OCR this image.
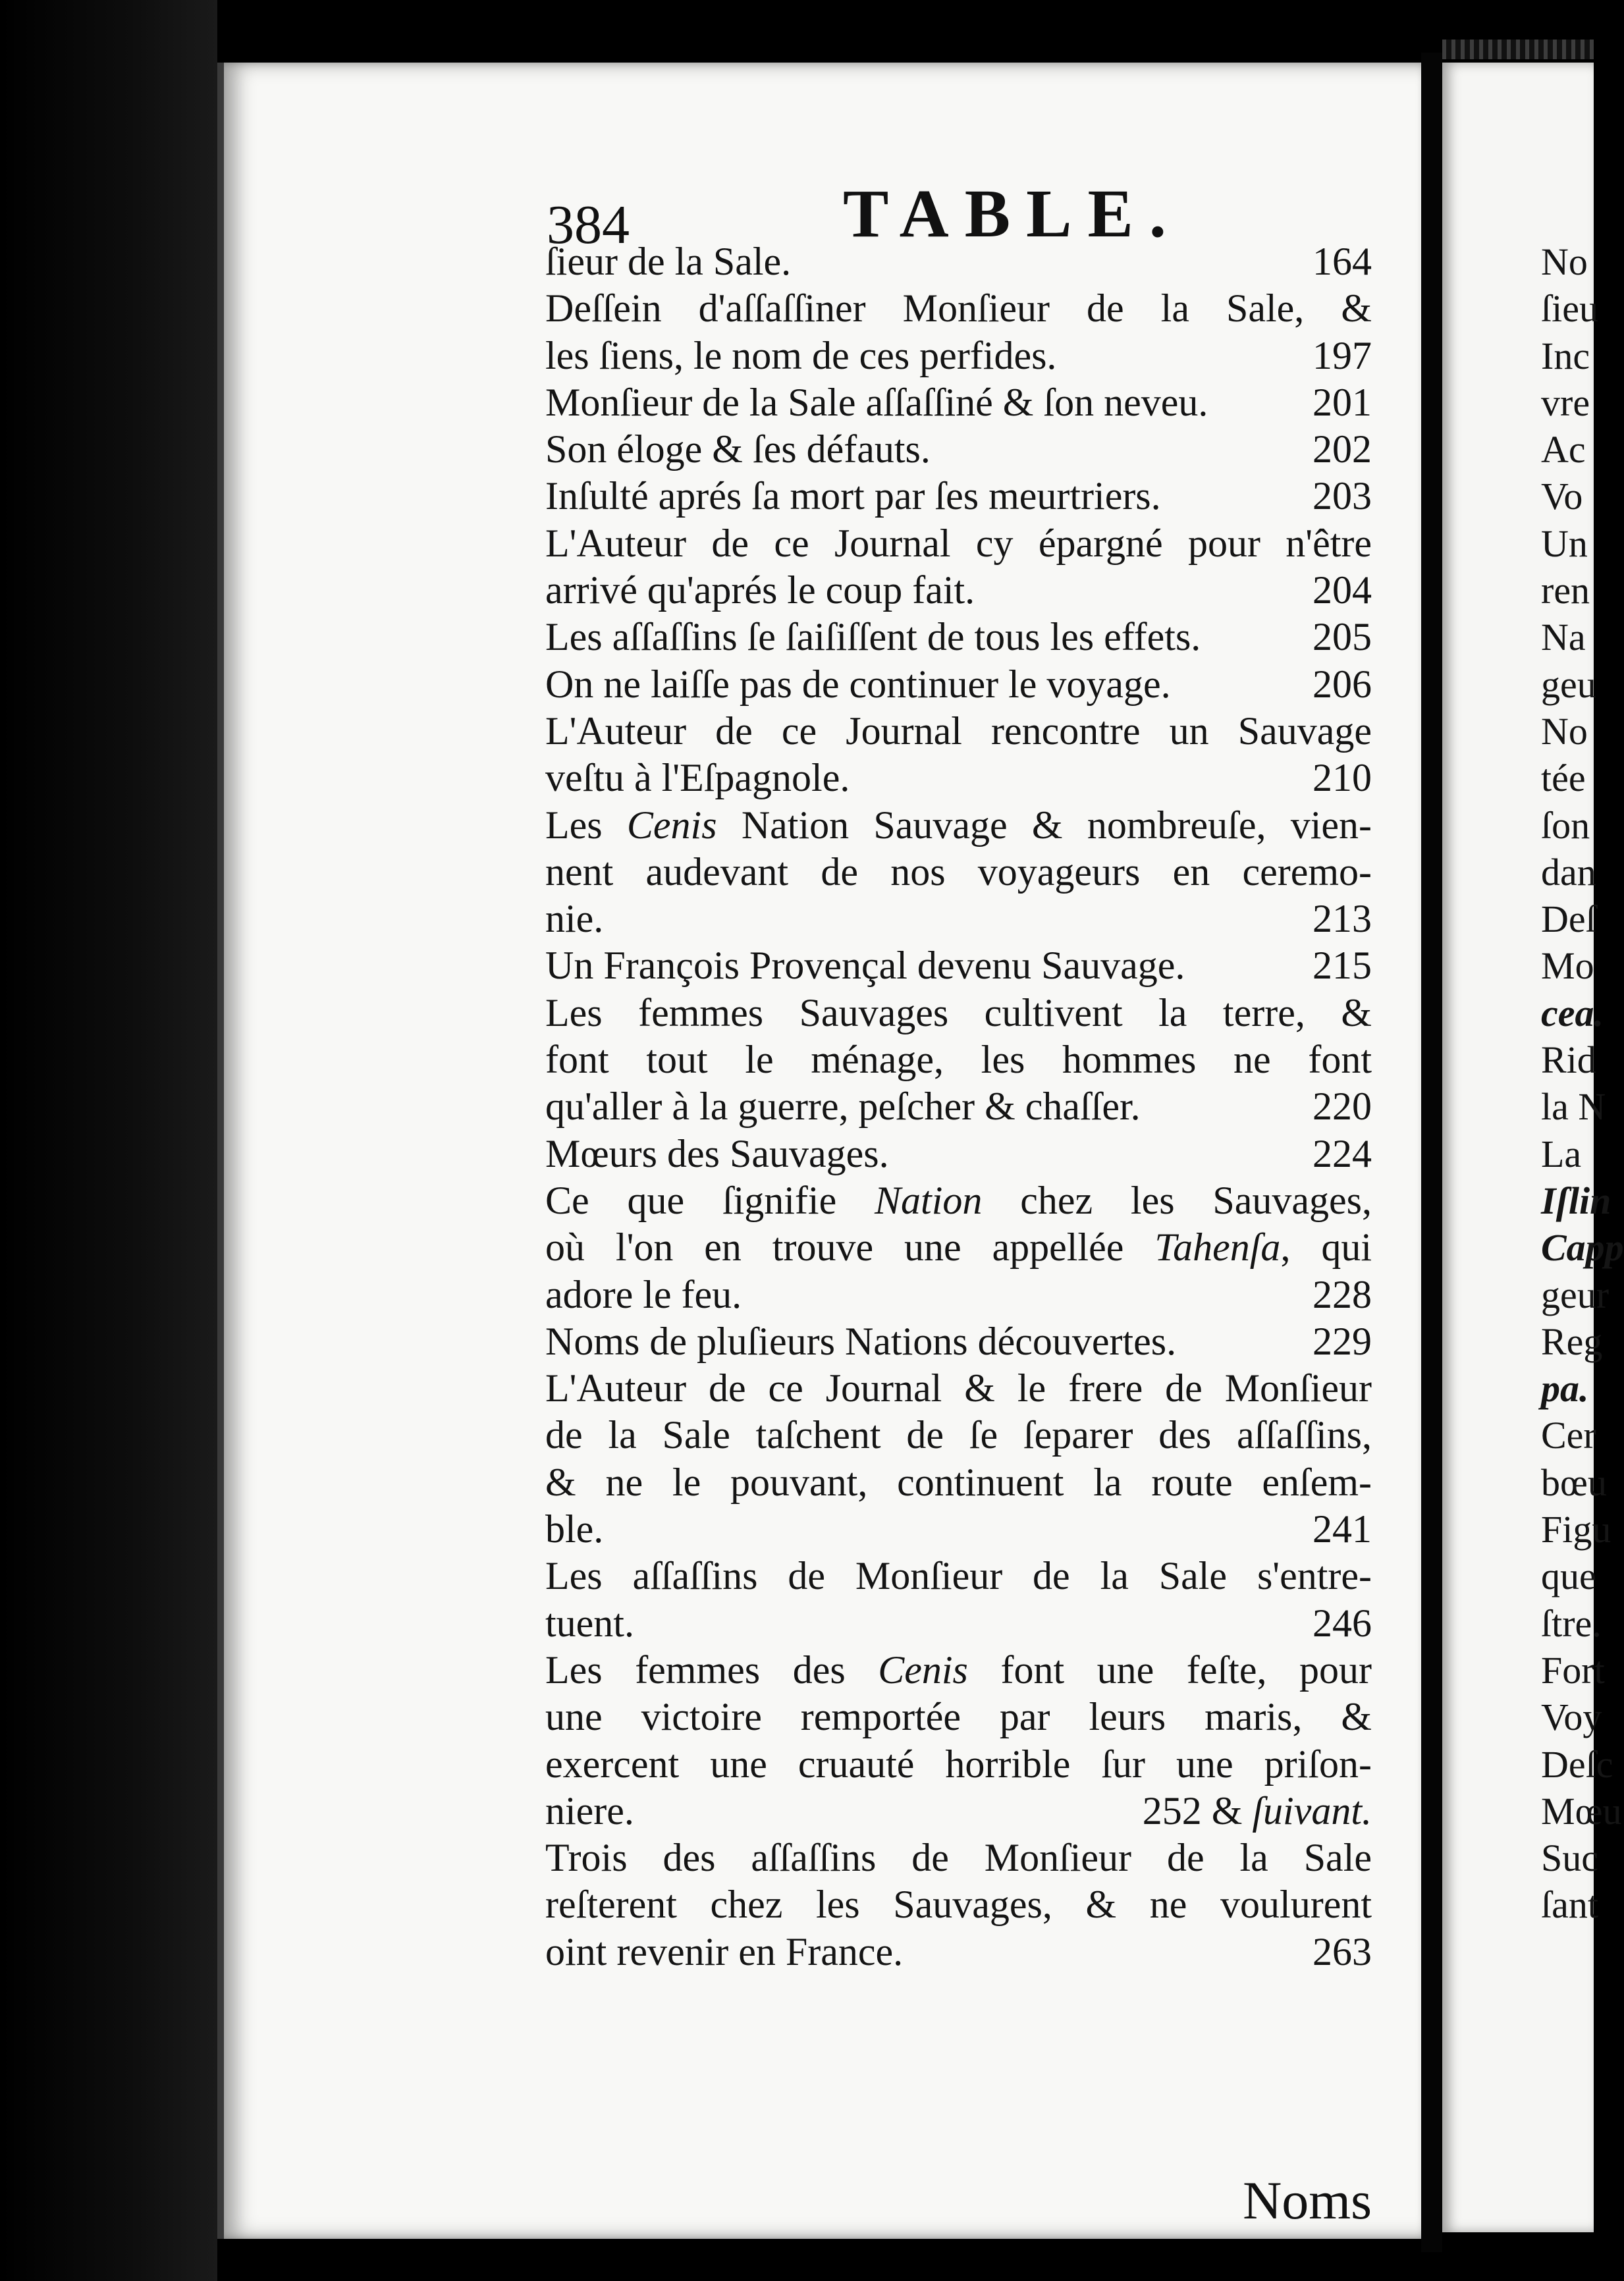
384	TABLE.
ſieur de la Sale.	164
Deſſein d'aſſaſſiner Monſieur de la Sale, &
les ſiens, le nom de ces perfides.	197
Monſieur de la Sale aſſaſſiné & ſon neveu.	201
Son éloge & ſes défauts.	202
Inſulté aprés ſa mort par ſes meurtriers.	203
L'Auteur de ce Journal cy épargné pour n'être
arrivé qu'aprés le coup fait.	204
Les aſſaſſins ſe ſaiſiſſent de tous les effets.	205
On ne laiſſe pas de continuer le voyage.	206
L'Auteur de ce Journal rencontre un Sauvage
veſtu à l'Eſpagnole.	210
Les Cenis Nation Sauvage & nombreuſe, vien-
nent audevant de nos voyageurs en ceremo-
nie.	213
Un François Provençal devenu Sauvage.	215
Les femmes Sauvages cultivent la terre, &
font tout le ménage, les hommes ne font
qu'aller à la guerre, peſcher & chaſſer.	220
Mœurs des Sauvages.	224
Ce que ſignifie Nation chez les Sauvages,
où l'on en trouve une appellée Tahenſa, qui
adore le feu.	228
Noms de pluſieurs Nations découvertes.	229
L'Auteur de ce Journal & le frere de Monſieur
de la Sale taſchent de ſe ſeparer des aſſaſſins,
& ne le pouvant, continuent la route enſem-
ble.	241
Les aſſaſſins de Monſieur de la Sale s'entre-
tuent.	246
Les femmes des Cenis font une feſte, pour
une victoire remportée par leurs maris, &
exercent une cruauté horrible ſur une priſon-
niere.	252 & ſuivant.
Trois des aſſaſſins de Monſieur de la Sale
reſterent chez les Sauvages, & ne voulurent
oint revenir en France.	263
Noms
No
ſieu
Inc
vre
Ac
Vo
Un
ren
Na
geu
No
tée
ſon
dan
Deſ
Mo
cea.
Rid
la N
La
Iſlin
Capp
geur
Reg
pa.
Cer
bœu
Figu
que
ſtre.
Fort
Voy
Deſc
Mœu
Suc
ſant
